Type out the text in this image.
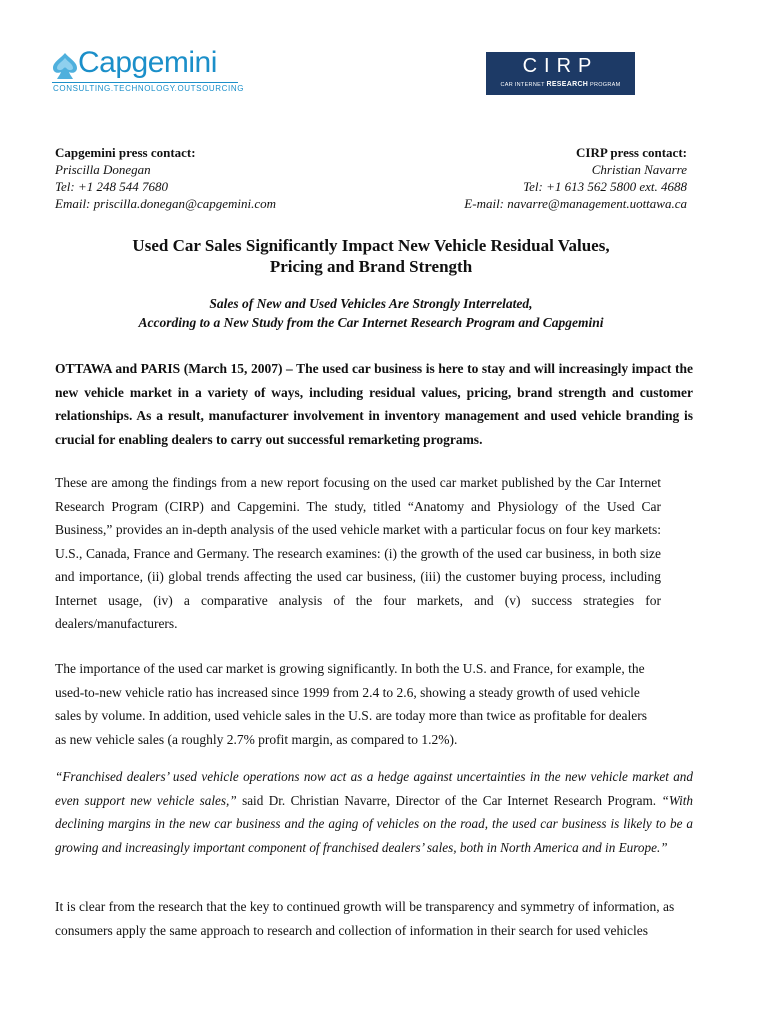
Capgemini
CONSULTING.TECHNOLOGY.OUTSOURCING
CIRP
CAR INTERNET RESEARCH PROGRAM
Capgemini press contact:
Priscilla Donegan
Tel: +1 248 544 7680
Email: priscilla.donegan@capgemini.com
CIRP press contact:
Christian Navarre
Tel: +1 613 562 5800 ext. 4688
E-mail: navarre@management.uottawa.ca
Used Car Sales Significantly Impact New Vehicle Residual Values,
Pricing and Brand Strength
Sales of New and Used Vehicles Are Strongly Interrelated,
According to a New Study from the Car Internet Research Program and Capgemini

OTTAWA and PARIS (March 15, 2007) – The used car business is here to stay and will increasingly impact the new vehicle market in a variety of ways, including residual values, pricing, brand strength and customer relationships. As a result, manufacturer involvement in inventory management and used vehicle branding is crucial for enabling dealers to carry out successful remarketing programs.

These are among the findings from a new report focusing on the used car market published by the Car Internet Research Program (CIRP) and Capgemini. The study, titled “Anatomy and Physiology of the Used Car Business,” provides an in-depth analysis of the used vehicle market with a particular focus on four key markets: U.S., Canada, France and Germany. The research examines: (i) the growth of the used car business, in both size and importance, (ii) global trends affecting the used car business, (iii) the customer buying process, including Internet usage, (iv) a comparative analysis of the four markets, and (v) success strategies for dealers/manufacturers.

The importance of the used car market is growing significantly. In both the U.S. and France, for example, the used-to-new vehicle ratio has increased since 1999 from 2.4 to 2.6, showing a steady growth of used vehicle sales by volume. In addition, used vehicle sales in the U.S. are today more than twice as profitable for dealers as new vehicle sales (a roughly 2.7% profit margin, as compared to 1.2%).

“Franchised dealers’ used vehicle operations now act as a hedge against uncertainties in the new vehicle market and even support new vehicle sales,” said Dr. Christian Navarre, Director of the Car Internet Research Program. “With declining margins in the new car business and the aging of vehicles on the road, the used car business is likely to be a growing and increasingly important component of franchised dealers’ sales, both in North America and in Europe.”

It is clear from the research that the key to continued growth will be transparency and symmetry of information, as consumers apply the same approach to research and collection of information in their search for used vehicles
